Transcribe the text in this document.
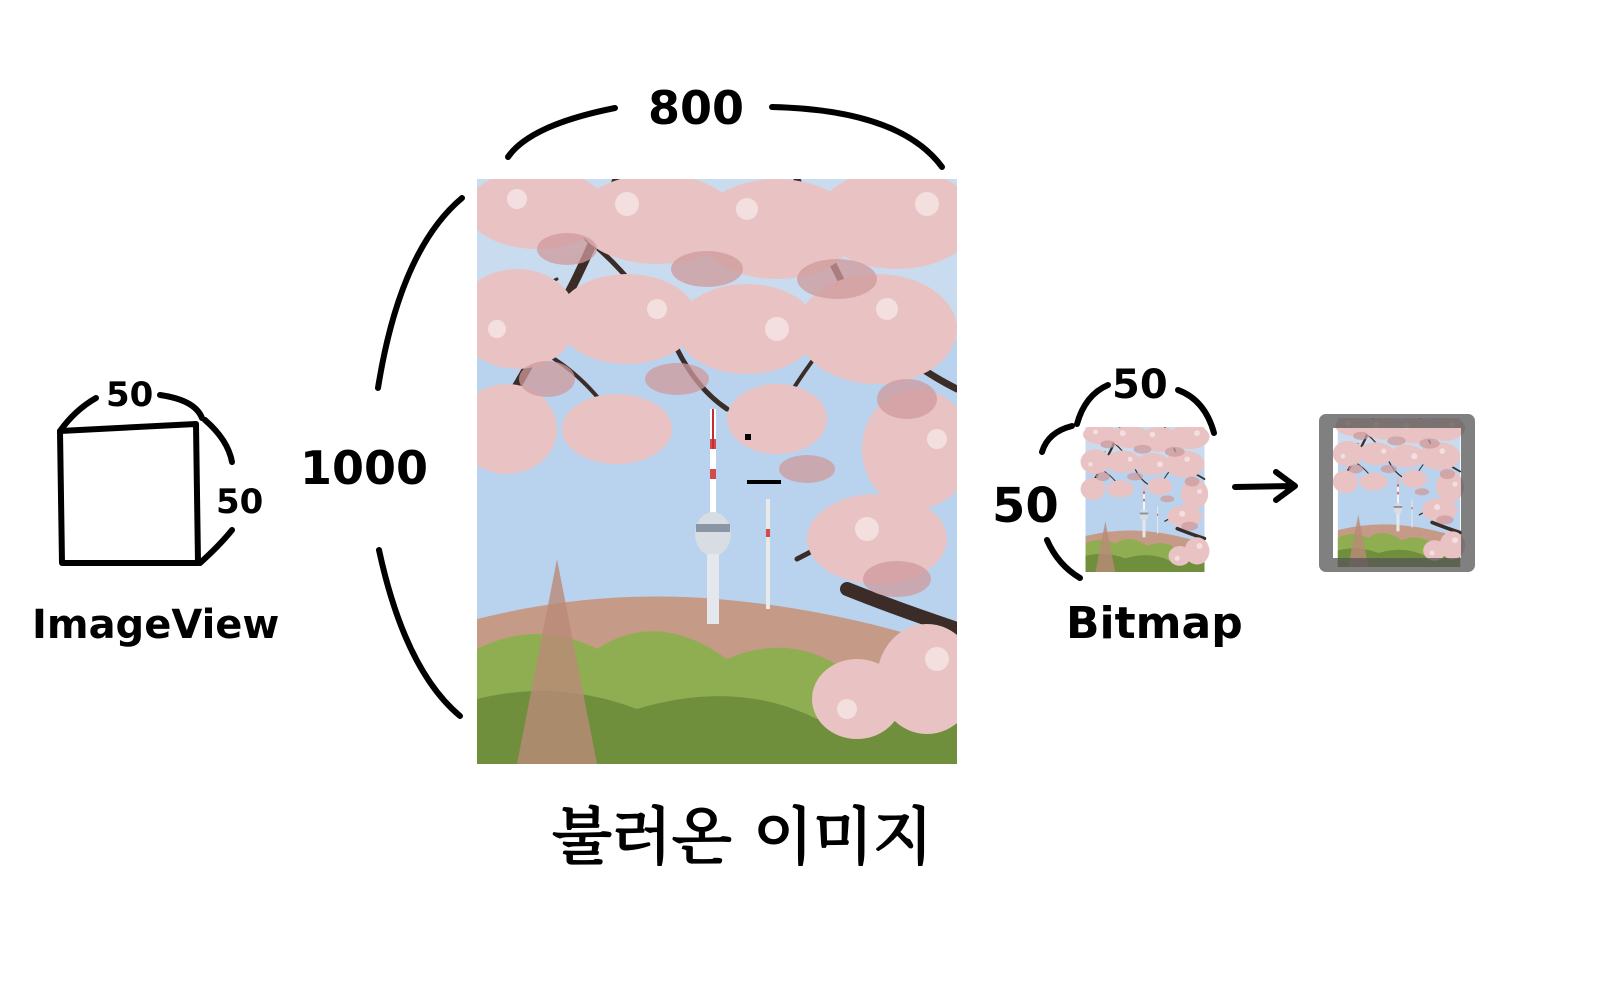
50
50
ImageView
800
1000
불러온 이미지
50
50
Bitmap
